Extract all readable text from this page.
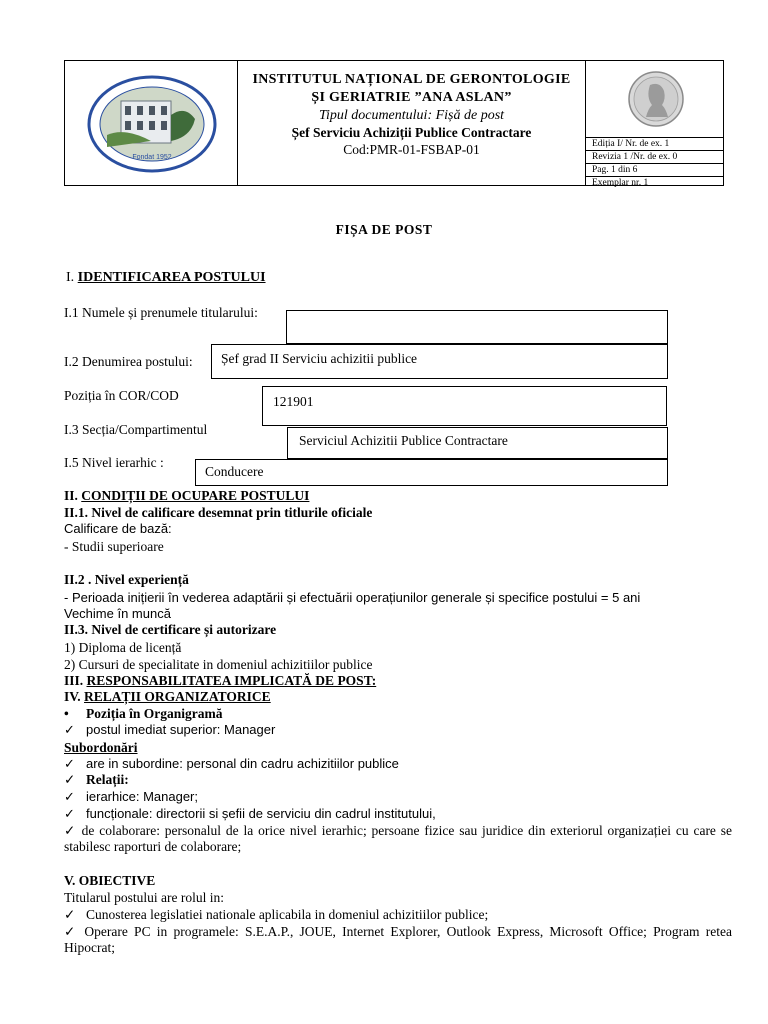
Fondat 1952
INSTITUTUL NAȚIONAL DE GERONTOLOGIE
ȘI GERIATRIE ”ANA ASLAN”
Tipul documentului: Fișă de post
Șef Serviciu Achiziții Publice Contractare
Cod:PMR-01-FSBAP-01	Ediția I/ Nr. de ex. 1
Revizia 1 /Nr. de ex. 0
Pag. 1 din 6
Exemplar nr. 1
FIȘA DE POST
I. IDENTIFICAREA POSTULUI
I.1 Numele și prenumele titularului:
I.2 Denumirea postului:	Șef grad II Serviciu achizitii publice
Poziția în COR/COD	121901
I.3 Secția/Compartimentul
Serviciul Achizitii Publice Contractare
I.5 Nivel ierarhic :
Conducere
II. CONDIȚII DE OCUPARE POSTULUI
II.1. Nivel de calificare desemnat prin titlurile oficiale
Calificare de bază:
- Studii superioare
II.2 . Nivel experiență
- Perioada inițierii în vederea adaptării și efectuării operațiunilor generale și specifice postului = 5 ani
Vechime în muncă
II.3. Nivel de certificare și autorizare
1) Diploma de licență
2) Cursuri de specialitate in domeniul achizitiilor publice
III. RESPONSABILITATEA IMPLICATĂ DE POST:
IV. RELAȚII ORGANIZATORICE
• Poziția în Organigramă
✓ postul imediat superior: Manager
Subordonări
✓ are in subordine: personal din cadru achizitiilor publice
✓ Relații:
✓ ierarhice: Manager;
✓ funcționale: directorii si șefii de serviciu din cadrul institutului,
✓ de colaborare: personalul de la orice nivel ierarhic; persoane fizice sau juridice din exteriorul organizației cu care se stabilesc raporturi de colaborare;
V. OBIECTIVE
Titularul postului are rolul in:
✓ Cunosterea legislatiei nationale aplicabila in domeniul achizitiilor publice;
✓ Operare PC in programele: S.E.A.P., JOUE, Internet Explorer, Outlook Express, Microsoft Office; Program retea Hipocrat;
